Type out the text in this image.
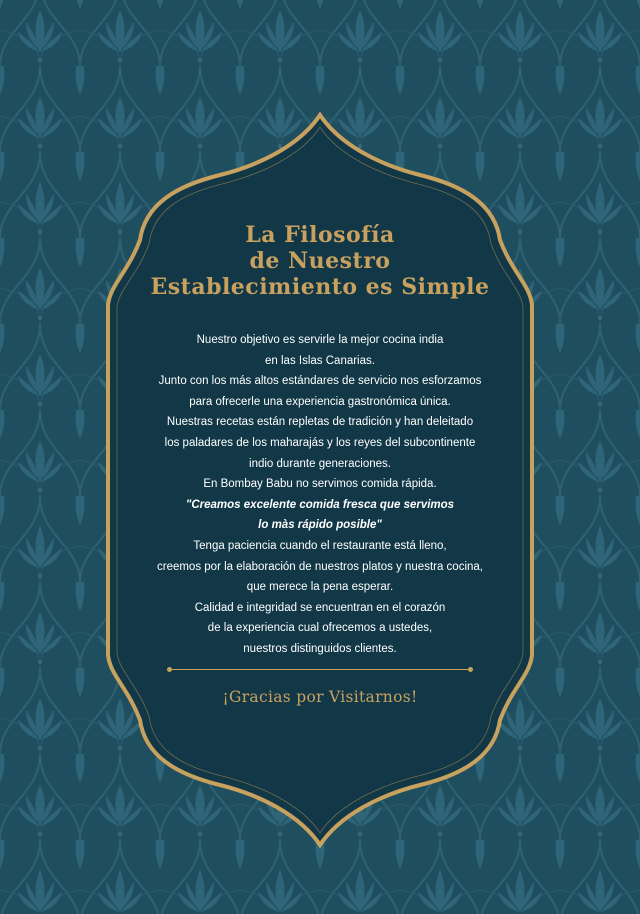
La Filosofía
de Nuestro
Establecimiento es Simple
Nuestro objetivo es servirle la mejor cocina india
en las Islas Canarias.
Junto con los más altos estándares de servicio nos esforzamos
para ofrecerle una experiencia gastronómica única.
Nuestras recetas están repletas de tradición y han deleitado
los paladares de los maharajás y los reyes del subcontinente
indio durante generaciones.
En Bombay Babu no servimos comida rápida.
"Creamos excelente comida fresca que servimos
lo màs rápido posible"
Tenga paciencia cuando el restaurante está lleno,
creemos por la elaboración de nuestros platos y nuestra cocina,
que merece la pena esperar.
Calidad e integridad se encuentran en el corazón
de la experiencia cual ofrecemos a ustedes,
nuestros distinguidos clientes.
¡Gracias por Visitarnos!
